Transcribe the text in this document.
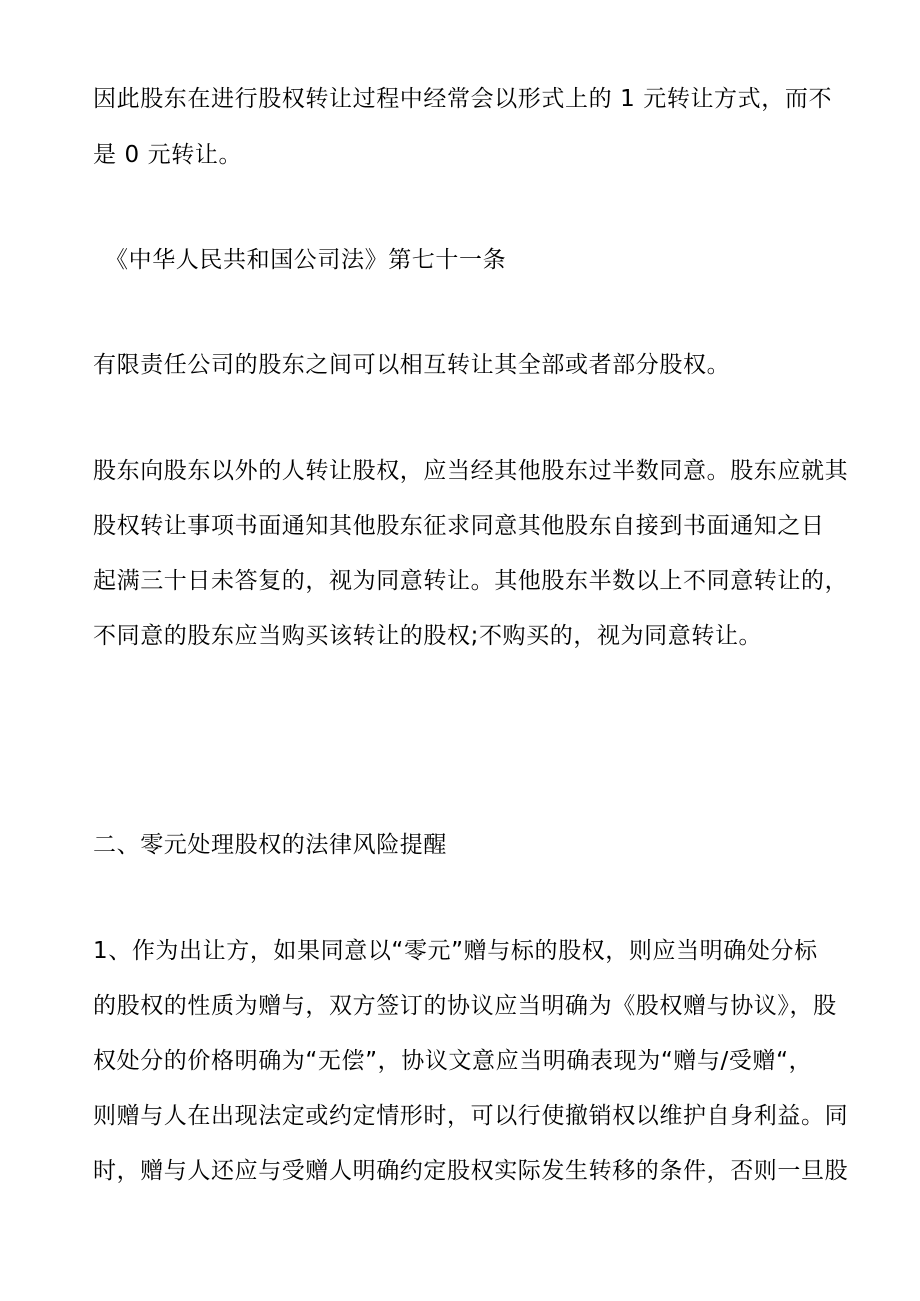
因此股东在进行股权转让过程中经常会以形式上的 1 元转让方式，而不
是 0 元转让。
《中华人民共和国公司法》第七十一条
有限责任公司的股东之间可以相互转让其全部或者部分股权。
股东向股东以外的人转让股权，应当经其他股东过半数同意。股东应就其
股权转让事项书面通知其他股东征求同意其他股东自接到书面通知之日
起满三十日未答复的，视为同意转让。其他股东半数以上不同意转让的，
不同意的股东应当购买该转让的股权;不购买的，视为同意转让。
二、零元处理股权的法律风险提醒
1、作为出让方，如果同意以“零元”赠与标的股权，则应当明确处分标
的股权的性质为赠与，双方签订的协议应当明确为《股权赠与协议》，股
权处分的价格明确为“无偿”，协议文意应当明确表现为“赠与/受赠“，
则赠与人在出现法定或约定情形时，可以行使撤销权以维护自身利益。同
时，赠与人还应与受赠人明确约定股权实际发生转移的条件，否则一旦股
